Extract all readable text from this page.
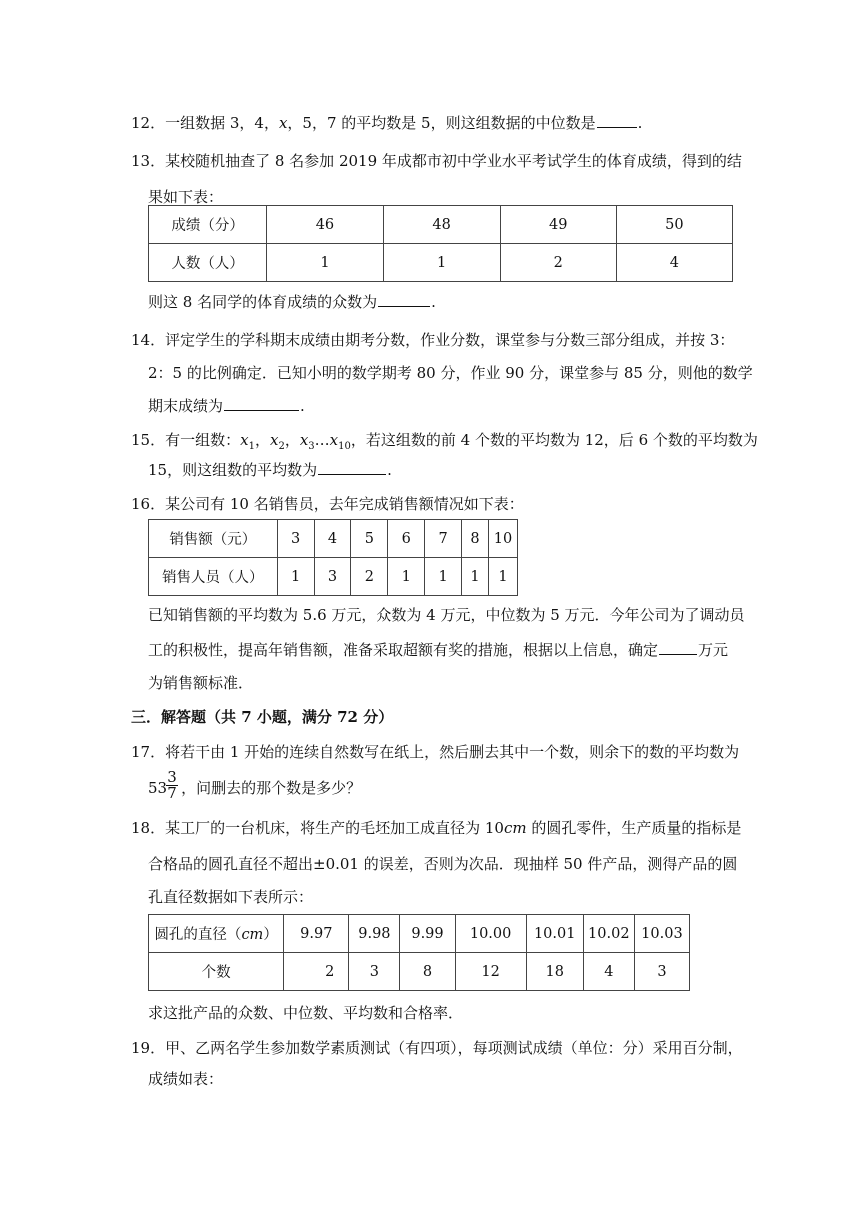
12．一组数据 3，4，x，5，7 的平均数是 5，则这组数据的中位数是	.
13．某校随机抽查了 8 名参加 2019 年成都市初中学业水平考试学生的体育成绩，得到的结
果如下表：
成绩（分）	46	48	49	50
人数（人）	1	1	2	4
则这 8 名同学的体育成绩的众数为	.
14．评定学生的学科期末成绩由期考分数，作业分数，课堂参与分数三部分组成，并按 3：
2：5 的比例确定．已知小明的数学期考 80 分，作业 90 分，课堂参与 85 分，则他的数学
期末成绩为	.
15．有一组数：$x_1$，$x_2$，$x_3\dots x_{10}$，若这组数的前 4 个数的平均数为 12，后 6 个数的平均数为
15，则这组数的平均数为	.
16．某公司有 10 名销售员，去年完成销售额情况如下表：
销售额（元）	3	4	5	6	7	8	10
销售人员（人）	1	3	2	1	1	1	1
已知销售额的平均数为 5.6 万元，众数为 4 万元，中位数为 5 万元．今年公司为了调动员
工的积极性，提高年销售额，准备采取超额有奖的措施，根据以上信息，确定	万元
为销售额标准．
三．解答题（共 7 小题，满分 72 分）
17．将若干由 1 开始的连续自然数写在纸上，然后删去其中一个数，则余下的数的平均数为
53 ，问删去的那个数是多少？
$\frac{3}{7}$
18．某工厂的一台机床，将生产的毛坯加工成直径为 10cm 的圆孔零件，生产质量的指标是
合格品的圆孔直径不超出±0.01 的误差，否则为次品．现抽样 50 件产品，测得产品的圆
孔直径数据如下表所示：
圆孔的直径（cm）	9.97	9.98	9.99	10.00	10.01	10.02	10.03
个数	2	3	8	12	18	4	3
求这批产品的众数、中位数、平均数和合格率．
19．甲、乙两名学生参加数学素质测试（有四项），每项测试成绩（单位：分）采用百分制，
成绩如表：
